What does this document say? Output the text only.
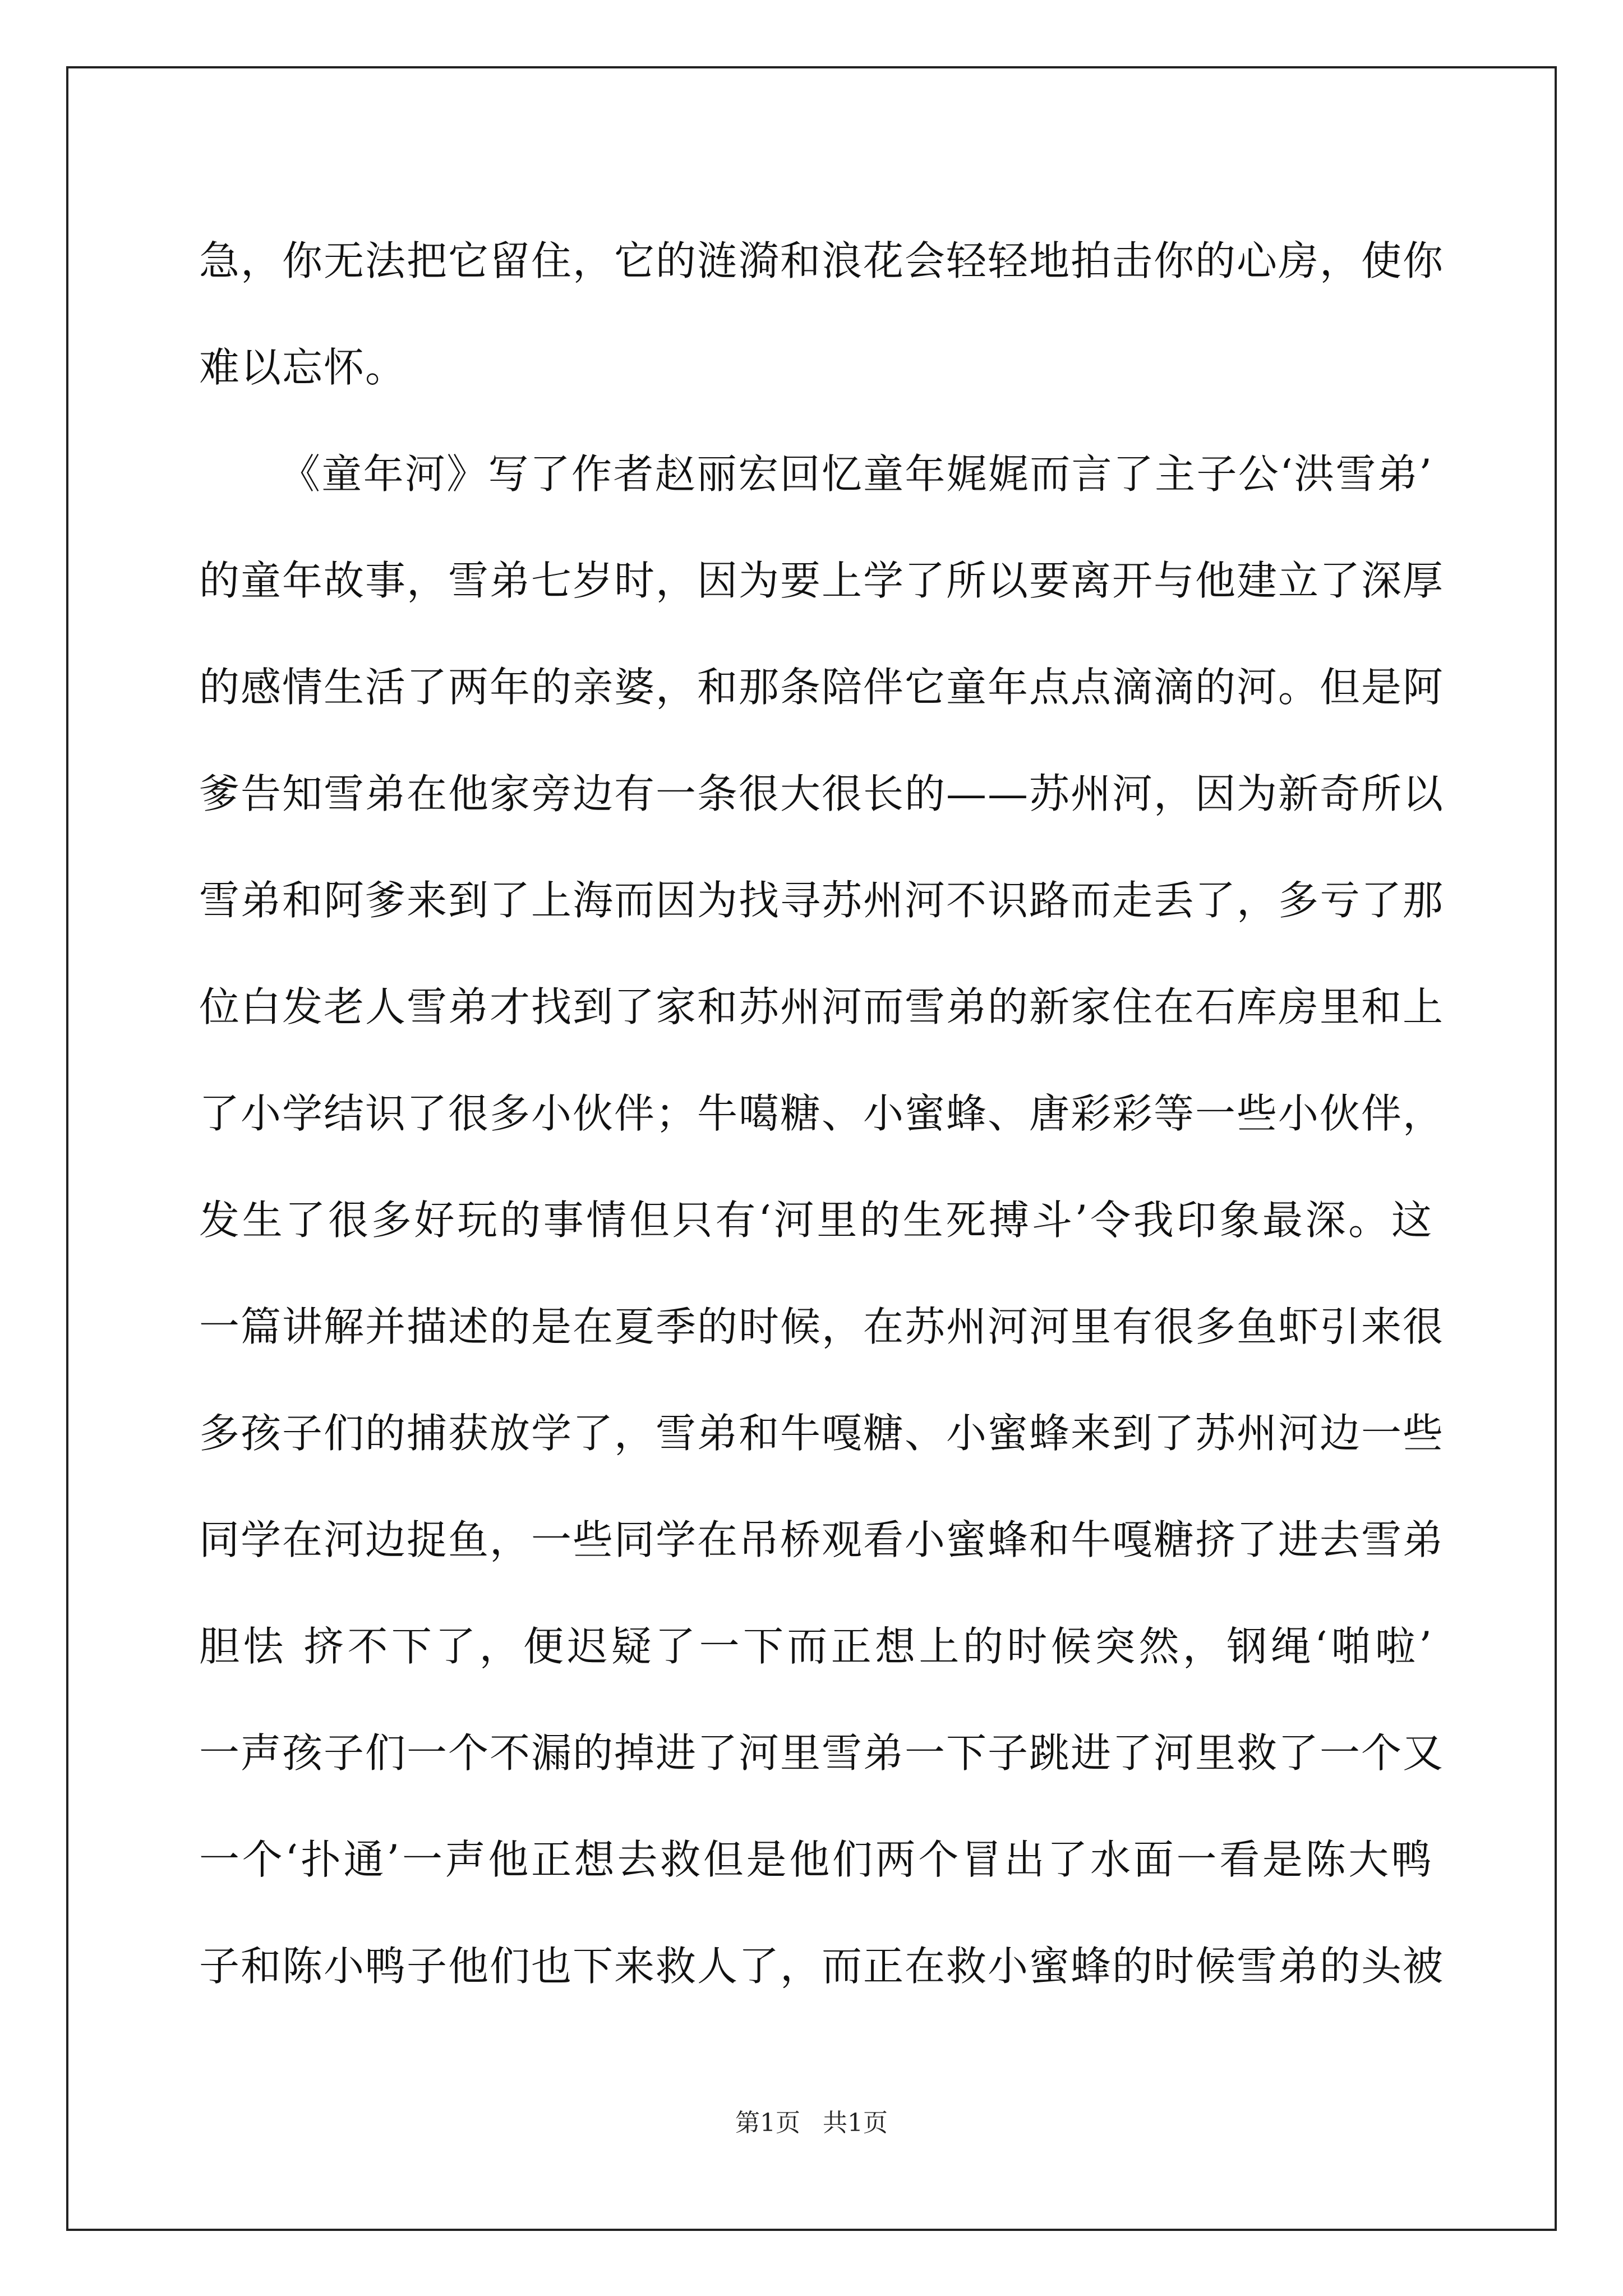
急，你无法把它留住，它的涟漪和浪花会轻轻地拍击你的心房，使你
难以忘怀。
《童年河》写了作者赵丽宏回忆童年娓娓而言了主子公‘洪雪弟’
的童年故事，雪弟七岁时，因为要上学了所以要离开与他建立了深厚
的感情生活了两年的亲婆，和那条陪伴它童年点点滴滴的河。但是阿
爹告知雪弟在他家旁边有一条很大很长的——苏州河，因为新奇所以
雪弟和阿爹来到了上海而因为找寻苏州河不识路而走丢了，多亏了那
位白发老人雪弟才找到了家和苏州河而雪弟的新家住在石库房里和上
了小学结识了很多小伙伴；牛噶糖、小蜜蜂、唐彩彩等一些小伙伴，
发生了很多好玩的事情但只有‘河里的生死搏斗’令我印象最深。这
一篇讲解并描述的是在夏季的时候，在苏州河河里有很多鱼虾引来很
多孩子们的捕获放学了，雪弟和牛嘎糖、小蜜蜂来到了苏州河边一些
同学在河边捉鱼，一些同学在吊桥观看小蜜蜂和牛嘎糖挤了进去雪弟
胆怯 挤不下了，便迟疑了一下而正想上的时候突然，钢绳‘啪啦’
一声孩子们一个不漏的掉进了河里雪弟一下子跳进了河里救了一个又
一个‘扑通’一声他正想去救但是他们两个冒出了水面一看是陈大鸭
子和陈小鸭子他们也下来救人了，而正在救小蜜蜂的时候雪弟的头被
第1页 共1页
